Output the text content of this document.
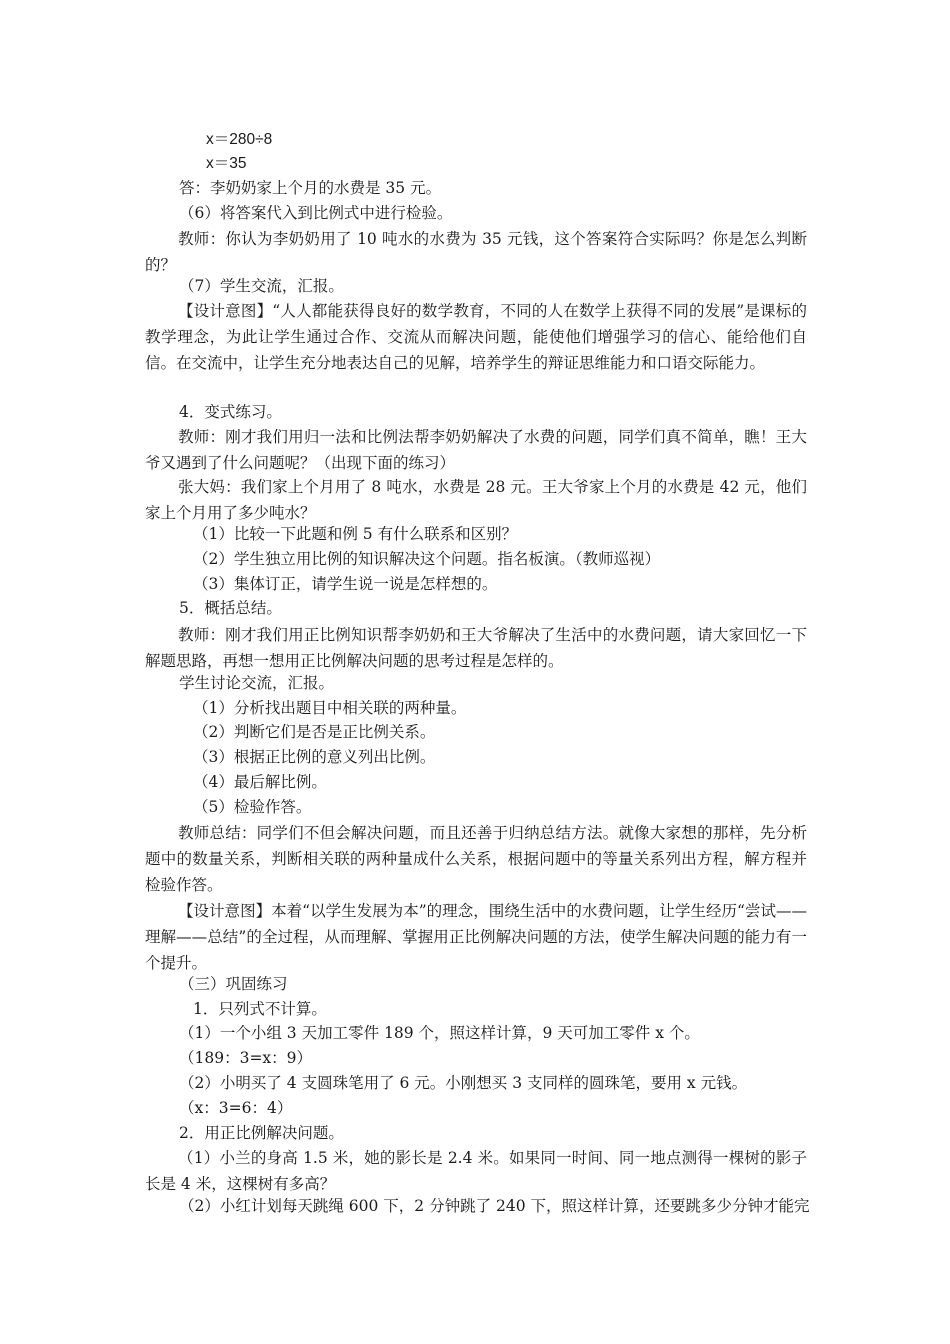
x＝280÷8
x＝35
答：李奶奶家上个月的水费是 35 元。
（6）将答案代入到比例式中进行检验。
教师：你认为李奶奶用了 10 吨水的水费为 35 元钱，这个答案符合实际吗？你是怎么判断的？
（7）学生交流，汇报。
【设计意图】“人人都能获得良好的数学教育，不同的人在数学上获得不同的发展”是课标的教学理念，为此让学生通过合作、交流从而解决问题，能使他们增强学习的信心、能给他们自信。在交流中，让学生充分地表达自己的见解，培养学生的辩证思维能力和口语交际能力。
4．变式练习。
教师：刚才我们用归一法和比例法帮李奶奶解决了水费的问题，同学们真不简单，瞧！王大爷又遇到了什么问题呢？（出现下面的练习）
张大妈：我们家上个月用了 8 吨水，水费是 28 元。王大爷家上个月的水费是 42 元，他们家上个月用了多少吨水？
（1）比较一下此题和例 5 有什么联系和区别？
（2）学生独立用比例的知识解决这个问题。指名板演。（教师巡视）
（3）集体订正，请学生说一说是怎样想的。
5．概括总结。
教师：刚才我们用正比例知识帮李奶奶和王大爷解决了生活中的水费问题，请大家回忆一下解题思路，再想一想用正比例解决问题的思考过程是怎样的。
学生讨论交流，汇报。
（1）分析找出题目中相关联的两种量。
（2）判断它们是否是正比例关系。
（3）根据正比例的意义列出比例。
（4）最后解比例。
（5）检验作答。
教师总结：同学们不但会解决问题，而且还善于归纳总结方法。就像大家想的那样，先分析题中的数量关系，判断相关联的两种量成什么关系，根据问题中的等量关系列出方程，解方程并检验作答。
【设计意图】本着“以学生发展为本”的理念，围绕生活中的水费问题，让学生经历“尝试——理解——总结”的全过程，从而理解、掌握用正比例解决问题的方法，使学生解决问题的能力有一个提升。
（三）巩固练习
1．只列式不计算。
（1）一个小组 3 天加工零件 189 个，照这样计算，9 天可加工零件 x 个。
（189：3=x：9）
（2）小明买了 4 支圆珠笔用了 6 元。小刚想买 3 支同样的圆珠笔，要用 x 元钱。
（x：3=6：4）
2．用正比例解决问题。
（1）小兰的身高 1.5 米，她的影长是 2.4 米。如果同一时间、同一地点测得一棵树的影子长是 4 米，这棵树有多高？
（2）小红计划每天跳绳 600 下，2 分钟跳了 240 下，照这样计算，还要跳多少分钟才能完
